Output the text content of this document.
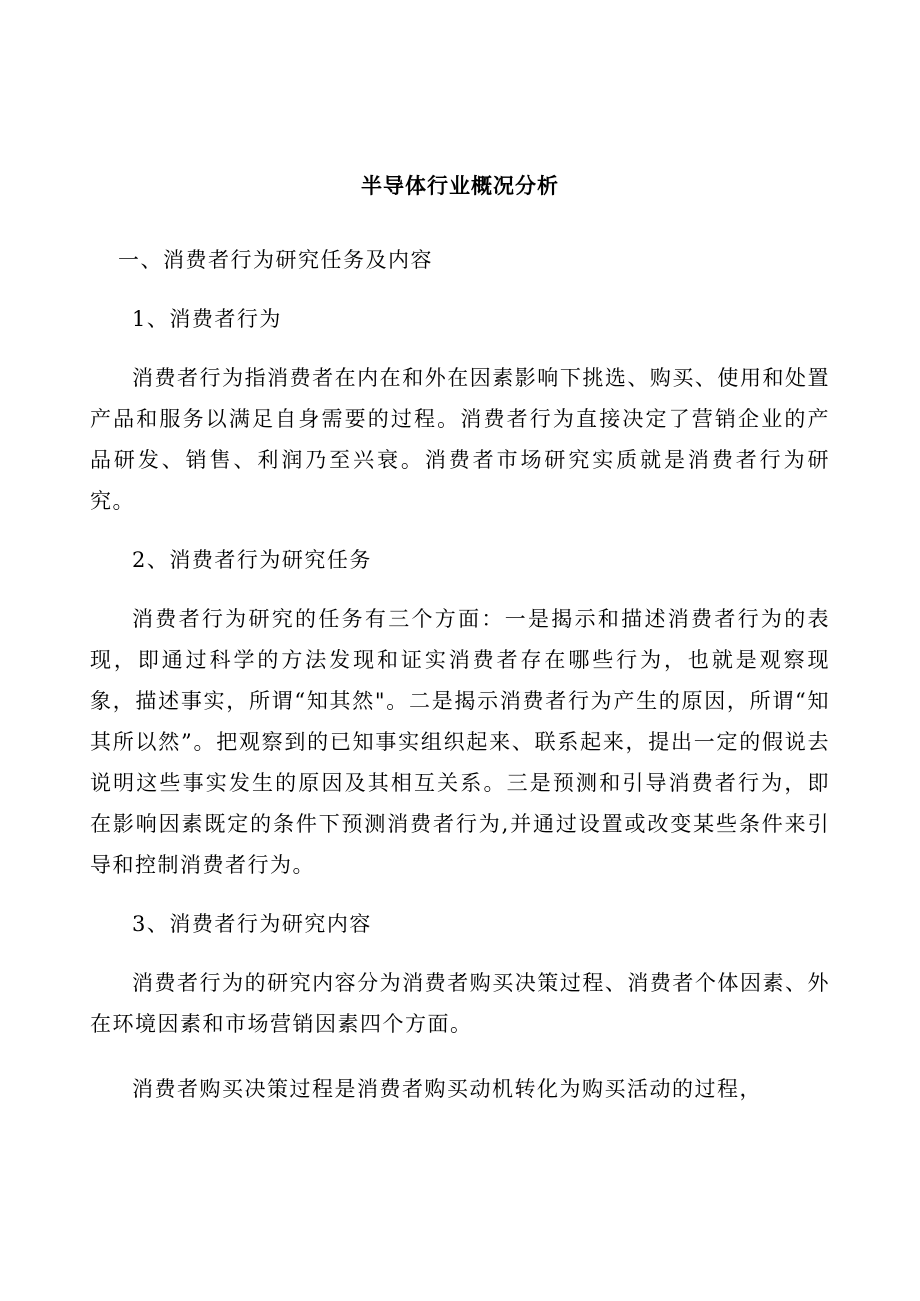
半导体行业概况分析

一、消费者行为研究任务及内容

1、消费者行为

消费者行为指消费者在内在和外在因素影响下挑选、购买、使用和处置产品和服务以满足自身需要的过程。消费者行为直接决定了营销企业的产品研发、销售、利润乃至兴衰。消费者市场研究实质就是消费者行为研究。

2、消费者行为研究任务

消费者行为研究的任务有三个方面：一是揭示和描述消费者行为的表现，即通过科学的方法发现和证实消费者存在哪些行为，也就是观察现象，描述事实，所谓“知其然"。二是揭示消费者行为产生的原因，所谓“知其所以然”。把观察到的已知事实组织起来、联系起来，提出一定的假说去说明这些事实发生的原因及其相互关系。三是预测和引导消费者行为，即在影响因素既定的条件下预测消费者行为,并通过设置或改变某些条件来引导和控制消费者行为。

3、消费者行为研究内容

消费者行为的研究内容分为消费者购买决策过程、消费者个体因素、外在环境因素和市场营销因素四个方面。

消费者购买决策过程是消费者购买动机转化为购买活动的过程，
